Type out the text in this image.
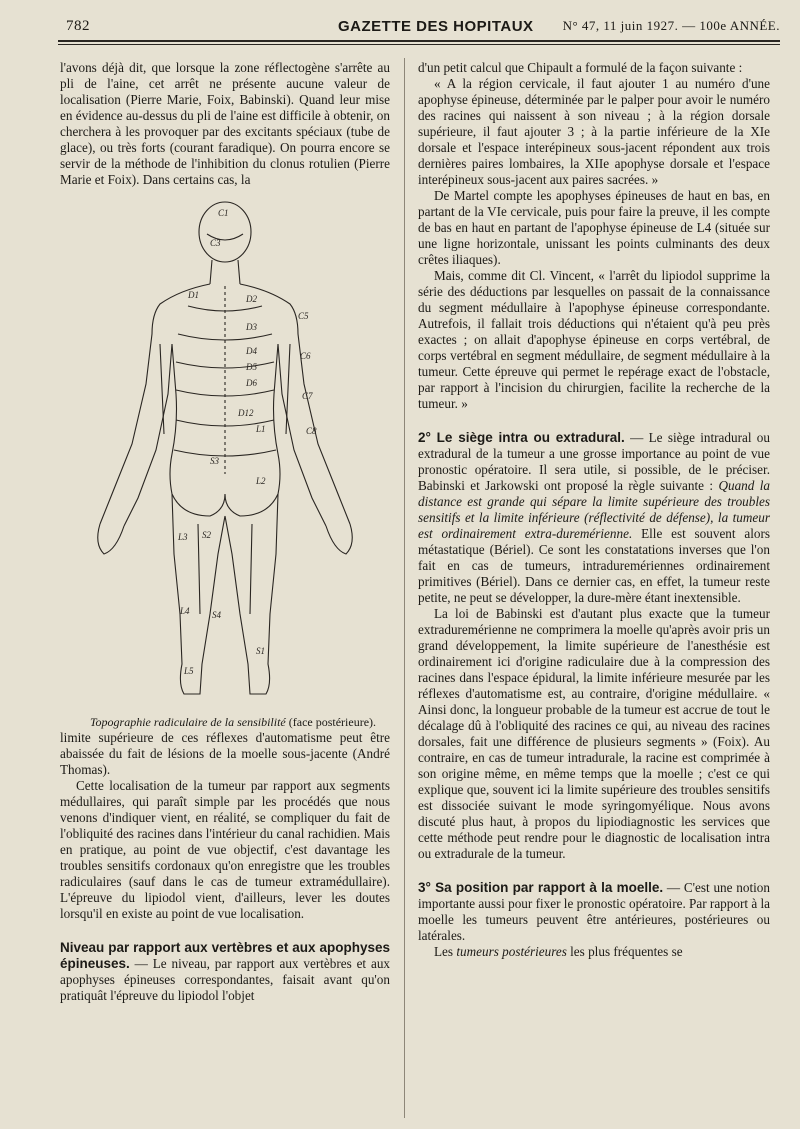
782	GAZETTE DES HOPITAUX N° 47, 11 juin 1927. — 100e ANNÉE.

l'avons déjà dit, que lorsque la zone réflectogène s'arrête au pli de l'aine, cet arrêt ne présente aucune valeur de localisation (Pierre Marie, Foix, Babinski). Quand leur mise en évidence au-dessus du pli de l'aine est difficile à obtenir, on cherchera à les provoquer par des excitants spéciaux (tube de glace), ou très forts (courant faradique). On pourra encore se servir de la méthode de l'inhibition du clonus rotulien (Pierre Marie et Foix). Dans certains cas, la

C1
C3
C5
C6
C7
C8
D1	D2
D3
D4
D5
D6
D12
L1
L2
L3
L4
L5
S1
S2
S3
S4

Topographie radiculaire de la sensibilité (face postérieure).

limite supérieure de ces réflexes d'automatisme peut être abaissée du fait de lésions de la moelle sous-jacente (André Thomas).

Cette localisation de la tumeur par rapport aux segments médullaires, qui paraît simple par les procédés que nous venons d'indiquer vient, en réalité, se compliquer du fait de l'obliquité des racines dans l'intérieur du canal rachidien. Mais en pratique, au point de vue objectif, c'est davantage les troubles sensitifs cordonaux qu'on enregistre que les troubles radiculaires (sauf dans le cas de tumeur extramédullaire). L'épreuve du lipiodol vient, d'ailleurs, lever les doutes lorsqu'il en existe au point de vue localisation.

Niveau par rapport aux vertèbres et aux apophyses épineuses. — Le niveau, par rapport aux vertèbres et aux apophyses épineuses correspondantes, faisait avant qu'on pratiquât l'épreuve du lipiodol l'objet

d'un petit calcul que Chipault a formulé de la façon suivante :

« A la région cervicale, il faut ajouter 1 au numéro d'une apophyse épineuse, déterminée par le palper pour avoir le numéro des racines qui naissent à son niveau ; à la région dorsale supérieure, il faut ajouter 3 ; à la partie inférieure de la XIe dorsale et l'espace interépineux sous-jacent répondent aux trois dernières paires lombaires, la XIIe apophyse dorsale et l'espace interépineux sous-jacent aux paires sacrées. »

De Martel compte les apophyses épineuses de haut en bas, en partant de la VIe cervicale, puis pour faire la preuve, il les compte de bas en haut en partant de l'apophyse épineuse de L4 (située sur une ligne horizontale, unissant les points culminants des deux crêtes iliaques).

Mais, comme dit Cl. Vincent, « l'arrêt du lipiodol supprime la série des déductions par lesquelles on passait de la connaissance du segment médullaire à l'apophyse épineuse correspondante. Autrefois, il fallait trois déductions qui n'étaient qu'à peu près exactes ; on allait d'apophyse épineuse en corps vertébral, de corps vertébral en segment médullaire, de segment médullaire à la tumeur. Cette épreuve qui permet le repérage exact de l'obstacle, par rapport à l'incision du chirurgien, facilite la recherche de la tumeur. »

2° Le siège intra ou extradural. — Le siège intradural ou extradural de la tumeur a une grosse importance au point de vue pronostic opératoire. Il sera utile, si possible, de le préciser. Babinski et Jarkowski ont proposé la règle suivante : Quand la distance est grande qui sépare la limite supérieure des troubles sensitifs et la limite inférieure (réflectivité de défense), la tumeur est ordinairement extra-duremérienne. Elle est souvent alors métastatique (Bériel). Ce sont les constatations inverses que l'on fait en cas de tumeurs, intraduremériennes ordinairement primitives (Bériel). Dans ce dernier cas, en effet, la tumeur reste petite, ne peut se développer, la dure-mère étant inextensible.

La loi de Babinski est d'autant plus exacte que la tumeur extraduremérienne ne comprimera la moelle qu'après avoir pris un grand développement, la limite supérieure de l'anesthésie est ordinairement ici d'origine radiculaire due à la compression des racines dans l'espace épidural, la limite inférieure mesurée par les réflexes d'automatisme est, au contraire, d'origine médullaire. « Ainsi donc, la longueur probable de la tumeur est accrue de tout le décalage dû à l'obliquité des racines ce qui, au niveau des racines dorsales, fait une différence de plusieurs segments » (Foix). Au contraire, en cas de tumeur intradurale, la racine est comprimée à son origine même, en même temps que la moelle ; c'est ce qui explique que, souvent ici la limite supérieure des troubles sensitifs est dissociée suivant le mode syringomyélique. Nous avons discuté plus haut, à propos du lipiodiagnostic les services que cette méthode peut rendre pour le diagnostic de localisation intra ou extradurale de la tumeur.

3° Sa position par rapport à la moelle. — C'est une notion importante aussi pour fixer le pronostic opératoire. Par rapport à la moelle les tumeurs peuvent être antérieures, postérieures ou latérales.

Les tumeurs postérieures les plus fréquentes se
